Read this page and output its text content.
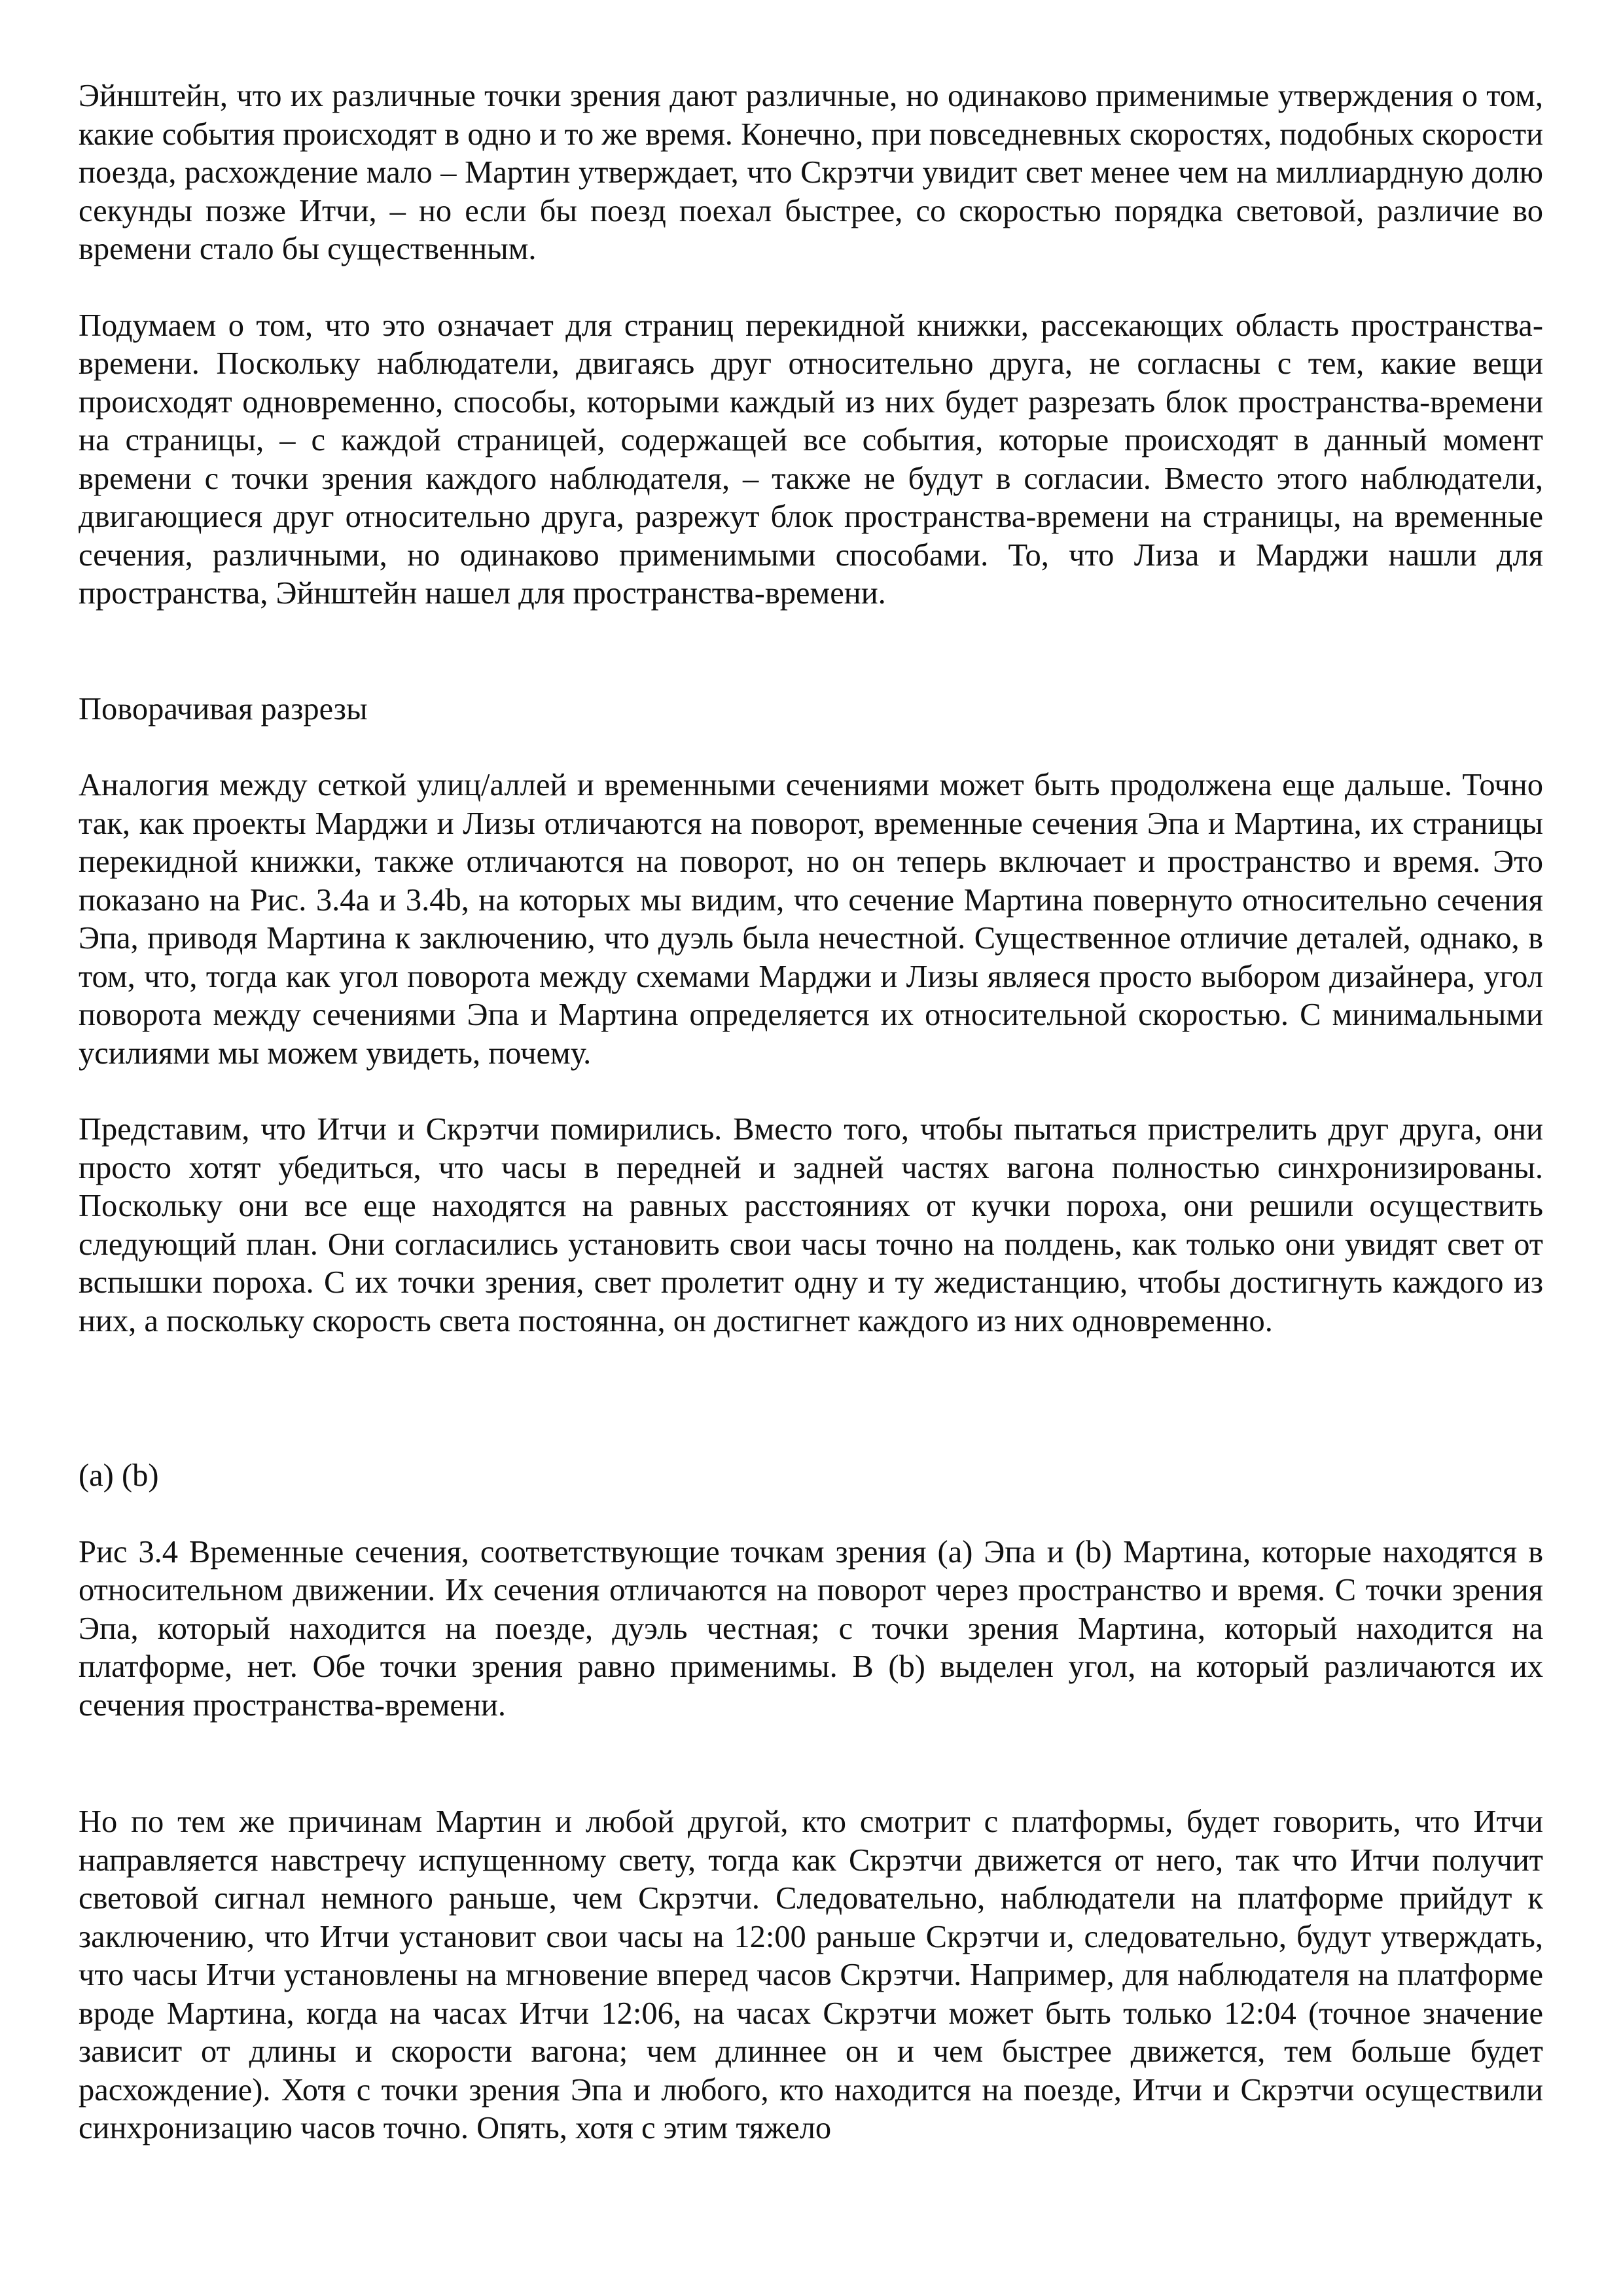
Эйнштейн, что их различные точки зрения дают различные, но одинаково применимые утверждения о том, какие события происходят в одно и то же время. Конечно, при повседневных скоростях, подобных скорости поезда, расхождение мало – Мартин утверждает, что Скрэтчи увидит свет менее чем на миллиардную долю секунды позже Итчи, – но если бы поезд поехал быстрее, со скоростью порядка световой, различие во времени стало бы существенным.

Подумаем о том, что это означает для страниц перекидной книжки, рассекающих область пространства-времени. Поскольку наблюдатели, двигаясь друг относительно друга, не согласны с тем, какие вещи происходят одновременно, способы, которыми каждый из них будет разрезать блок пространства-времени на страницы, – с каждой страницей, содержащей все события, которые происходят в данный момент времени с точки зрения каждого наблюдателя, – также не будут в согласии. Вместо этого наблюдатели, двигающиеся друг относительно друга, разрежут блок пространства-времени на страницы, на временные сечения, различными, но одинаково применимыми способами. То, что Лиза и Марджи нашли для пространства, Эйнштейн нашел для пространства-времени.

Поворачивая разрезы

Аналогия между сеткой улиц/аллей и временными сечениями может быть продолжена еще дальше. Точно так, как проекты Марджи и Лизы отличаются на поворот, временные сечения Эпа и Мартина, их страницы перекидной книжки, также отличаются на поворот, но он теперь включает и пространство и время. Это показано на Рис. 3.4a и 3.4b, на которых мы видим, что сечение Мартина повернуто относительно сечения Эпа, приводя Мартина к заключению, что дуэль была нечестной. Существенное отличие деталей, однако, в том, что, тогда как угол поворота между схемами Марджи и Лизы являеся просто выбором дизайнера, угол поворота между сечениями Эпа и Мартина определяется их относительной скоростью. С минимальными усилиями мы можем увидеть, почему.

Представим, что Итчи и Скрэтчи помирились. Вместо того, чтобы пытаться пристрелить друг друга, они просто хотят убедиться, что часы в передней и задней частях вагона полностью синхронизированы. Поскольку они все еще находятся на равных расстояниях от кучки пороха, они решили осуществить следующий план. Они согласились установить свои часы точно на полдень, как только они увидят свет от вспышки пороха. С их точки зрения, свет пролетит одну и ту жедистанцию, чтобы достигнуть каждого из них, а поскольку скорость света постоянна, он достигнет каждого из них одновременно.

(a) (b)

Рис 3.4 Временные сечения, соответствующие точкам зрения (a) Эпа и (b) Мартина, которые находятся в относительном движении. Их сечения отличаются на поворот через пространство и время. С точки зрения Эпа, который находится на поезде, дуэль честная; с точки зрения Мартина, который находится на платформе, нет. Обе точки зрения равно применимы. В (b) выделен угол, на который различаются их сечения пространства-времени.

Но по тем же причинам Мартин и любой другой, кто смотрит с платформы, будет говорить, что Итчи направляется навстречу испущенному свету, тогда как Скрэтчи движется от него, так что Итчи получит световой сигнал немного раньше, чем Скрэтчи. Следовательно, наблюдатели на платформе прийдут к заключению, что Итчи установит свои часы на 12:00 раньше Скрэтчи и, следовательно, будут утверждать, что часы Итчи установлены на мгновение вперед часов Скрэтчи. Например, для наблюдателя на платформе вроде Мартина, когда на часах Итчи 12:06, на часах Скрэтчи может быть только 12:04 (точное значение зависит от длины и скорости вагона; чем длиннее он и чем быстрее движется, тем больше будет расхождение). Хотя с точки зрения Эпа и любого, кто находится на поезде, Итчи и Скрэтчи осуществили синхронизацию часов точно. Опять, хотя с этим тяжело
